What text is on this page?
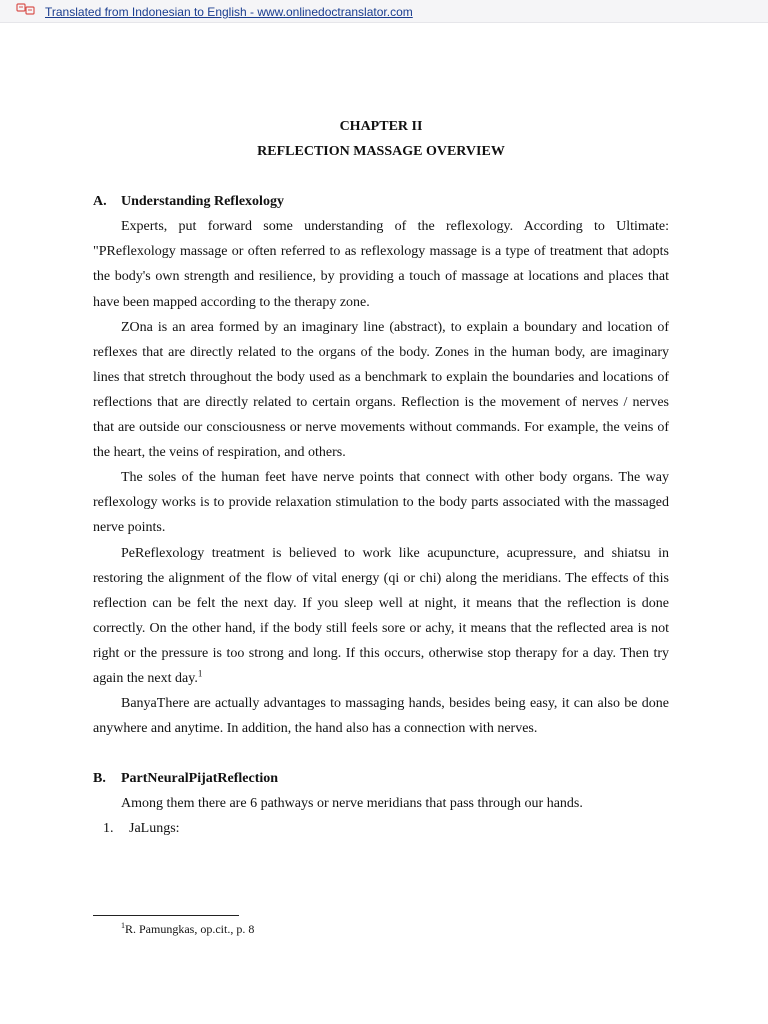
Translated from Indonesian to English - www.onlinedoctranslator.com

CHAPTER II

REFLECTION MASSAGE OVERVIEW

A. Understanding Reflexology

Experts, put forward some understanding of the reflexology. According to Ultimate: "PReflexology massage or often referred to as reflexology massage is a type of treatment that adopts the body's own strength and resilience, by providing a touch of massage at locations and places that have been mapped according to the therapy zone.

ZOna is an area formed by an imaginary line (abstract), to explain a boundary and location of reflexes that are directly related to the organs of the body. Zones in the human body, are imaginary lines that stretch throughout the body used as a benchmark to explain the boundaries and locations of reflections that are directly related to certain organs. Reflection is the movement of nerves / nerves that are outside our consciousness or nerve movements without commands. For example, the veins of the heart, the veins of respiration, and others.

The soles of the human feet have nerve points that connect with other body organs. The way reflexology works is to provide relaxation stimulation to the body parts associated with the massaged nerve points.

PeReflexology treatment is believed to work like acupuncture, acupressure, and shiatsu in restoring the alignment of the flow of vital energy (qi or chi) along the meridians. The effects of this reflection can be felt the next day. If you sleep well at night, it means that the reflection is done correctly. On the other hand, if the body still feels sore or achy, it means that the reflected area is not right or the pressure is too strong and long. If this occurs, otherwise stop therapy for a day. Then try again the next day.$^1$

BanyaThere are actually advantages to massaging hands, besides being easy, it can also be done anywhere and anytime. In addition, the hand also has a connection with nerves.

B. PartNeuralPijatReflection

Among them there are 6 pathways or nerve meridians that pass through our hands.

1. JaLungs:

$^1$R. Pamungkas, op.cit., p. 8
